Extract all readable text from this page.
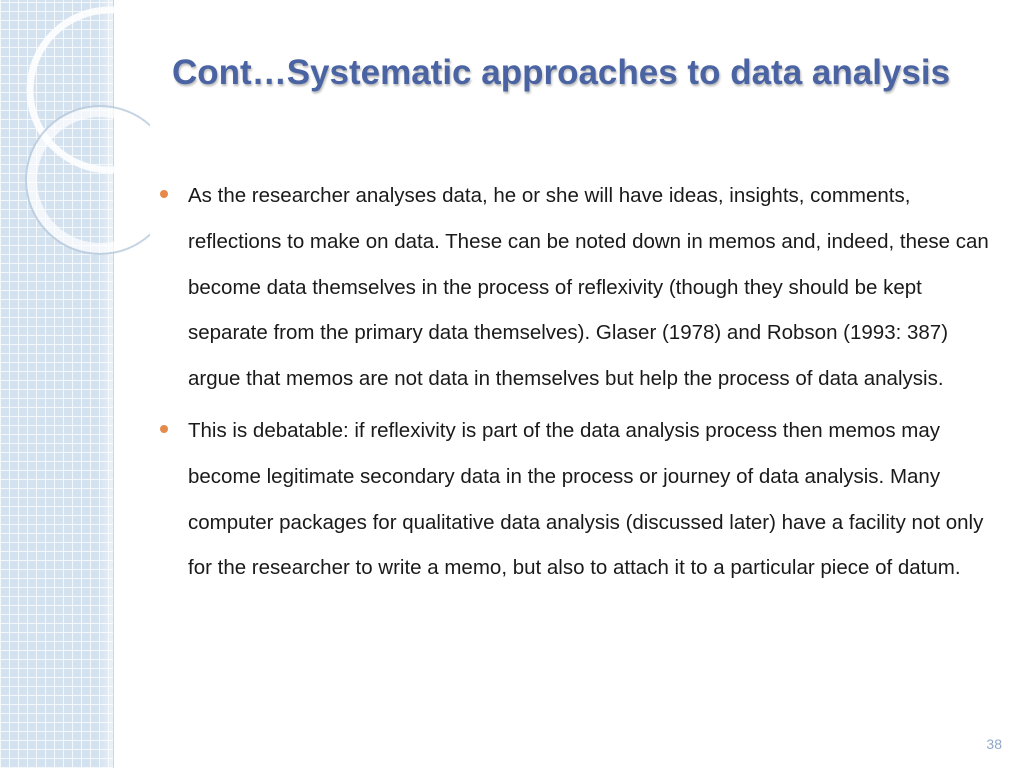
Cont…Systematic approaches to data analysis
As the researcher analyses data, he or she will have ideas, insights, comments, reflections to make on data. These can be noted down in memos and, indeed, these can become data themselves in the process of reflexivity (though they should be kept separate from the primary data themselves). Glaser (1978) and Robson (1993: 387) argue that memos are not data in themselves but help the process of data analysis.
This is debatable: if reflexivity is part of the data analysis process then memos may become legitimate secondary data in the process or journey of data analysis. Many computer packages for qualitative data analysis (discussed later) have a facility not only for the researcher to write a memo, but also to attach it to a particular piece of datum.
38
